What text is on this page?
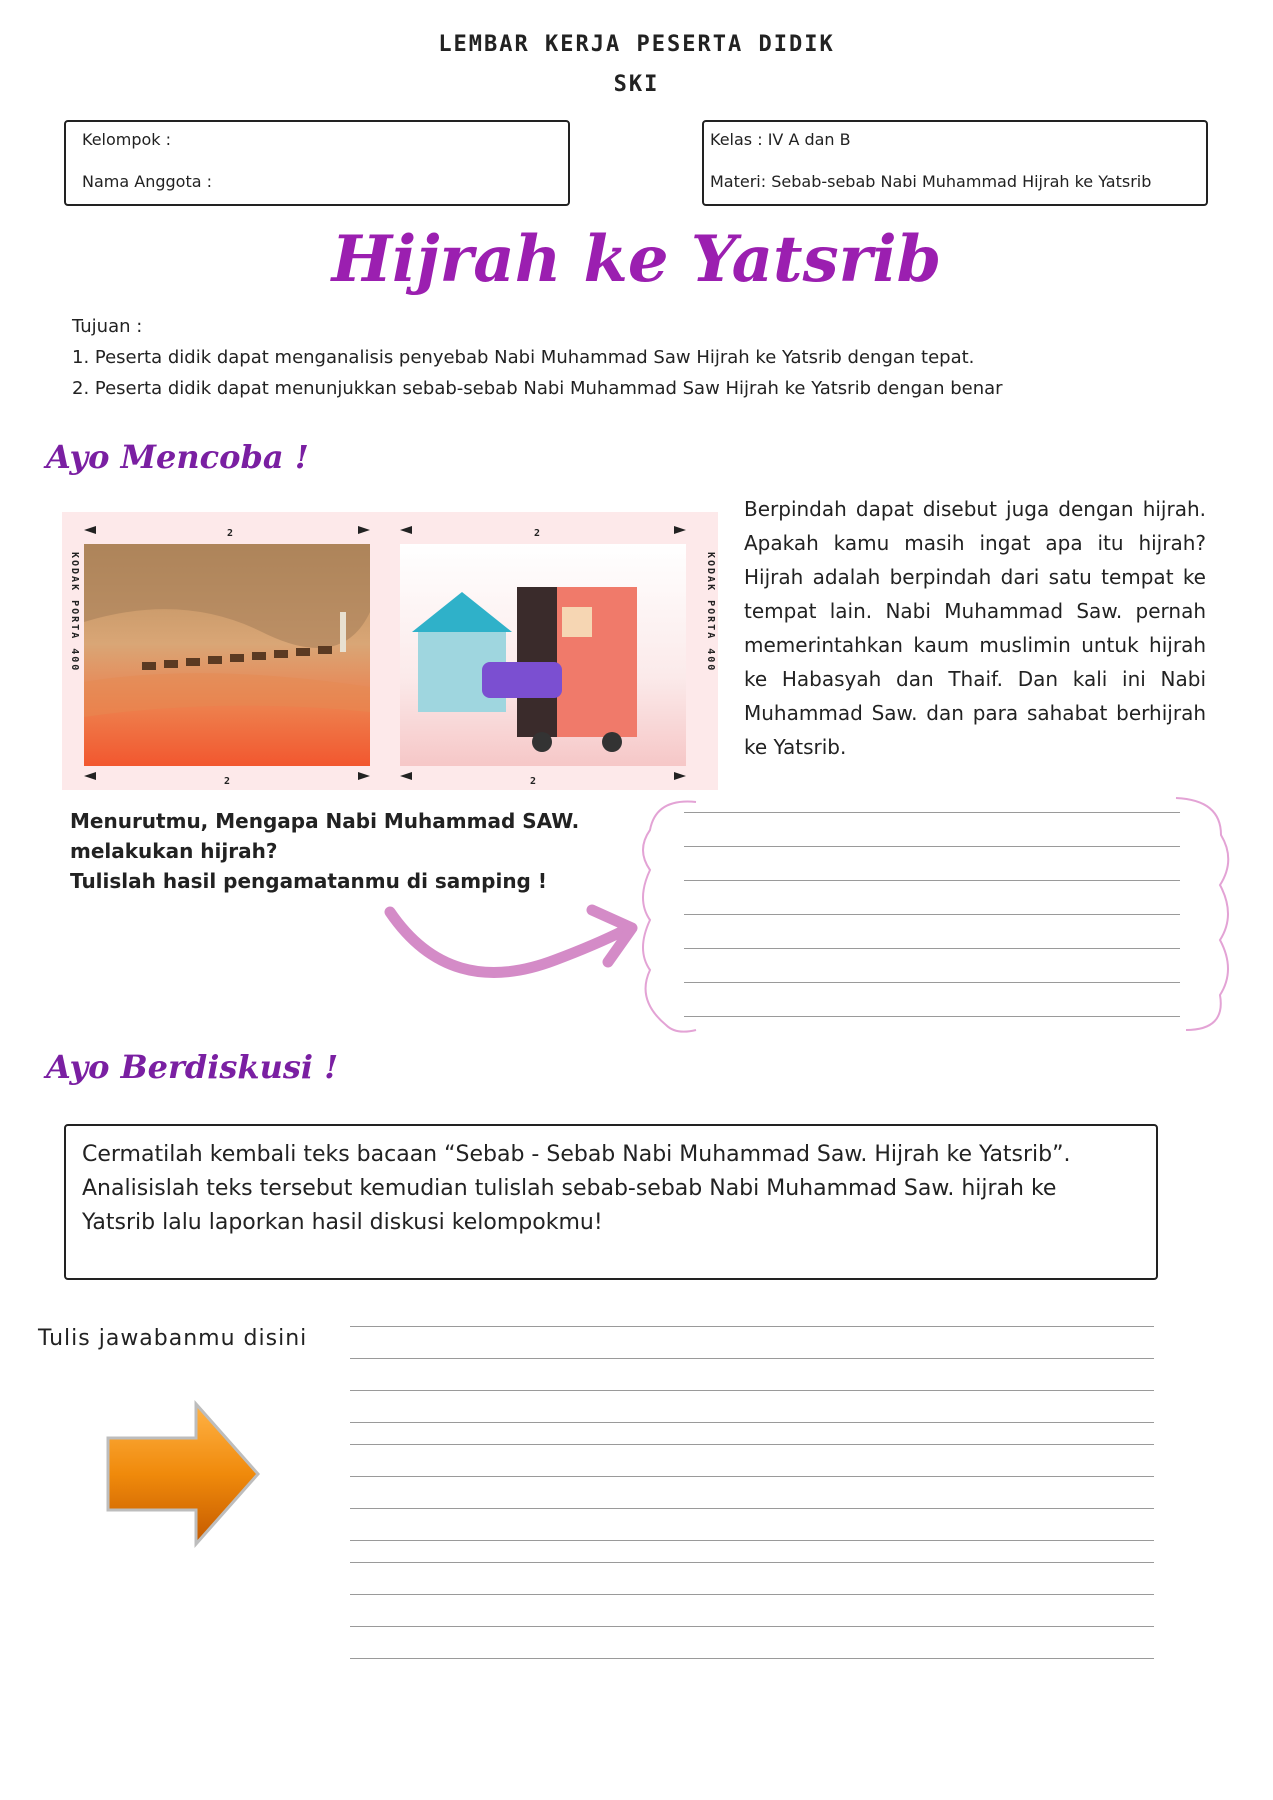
LEMBAR KERJA PESERTA DIDIK
SKI
Kelompok :
Nama Anggota :
Kelas : IV A dan B
Materi: Sebab-sebab Nabi Muhammad Hijrah ke Yatsrib
Hijrah ke Yatsrib
Tujuan :
1. Peserta didik dapat menganalisis penyebab Nabi Muhammad Saw Hijrah ke Yatsrib dengan tepat.
2. Peserta didik dapat menunjukkan sebab-sebab Nabi Muhammad Saw Hijrah ke Yatsrib dengan benar
Ayo Mencoba !
2	2
2	2
KODAK PORTA 400	KODAK PORTA 400
Berpindah dapat disebut juga dengan hijrah. Apakah kamu masih ingat apa itu hijrah? Hijrah adalah berpindah dari satu tempat ke tempat lain. Nabi Muhammad Saw. pernah memerintahkan kaum muslimin untuk hijrah ke Habasyah dan Thaif. Dan kali ini Nabi Muhammad Saw. dan para sahabat berhijrah ke Yatsrib.
Menurutmu, Mengapa Nabi Muhammad SAW.
melakukan hijrah?
Tulislah hasil pengamatanmu di samping !
Ayo Berdiskusi !
Cermatilah kembali teks bacaan “Sebab - Sebab Nabi Muhammad Saw. Hijrah ke Yatsrib”. Analisislah teks tersebut kemudian tulislah sebab-sebab Nabi Muhammad Saw. hijrah ke Yatsrib lalu laporkan hasil diskusi kelompokmu!
Tulis jawabanmu disini
